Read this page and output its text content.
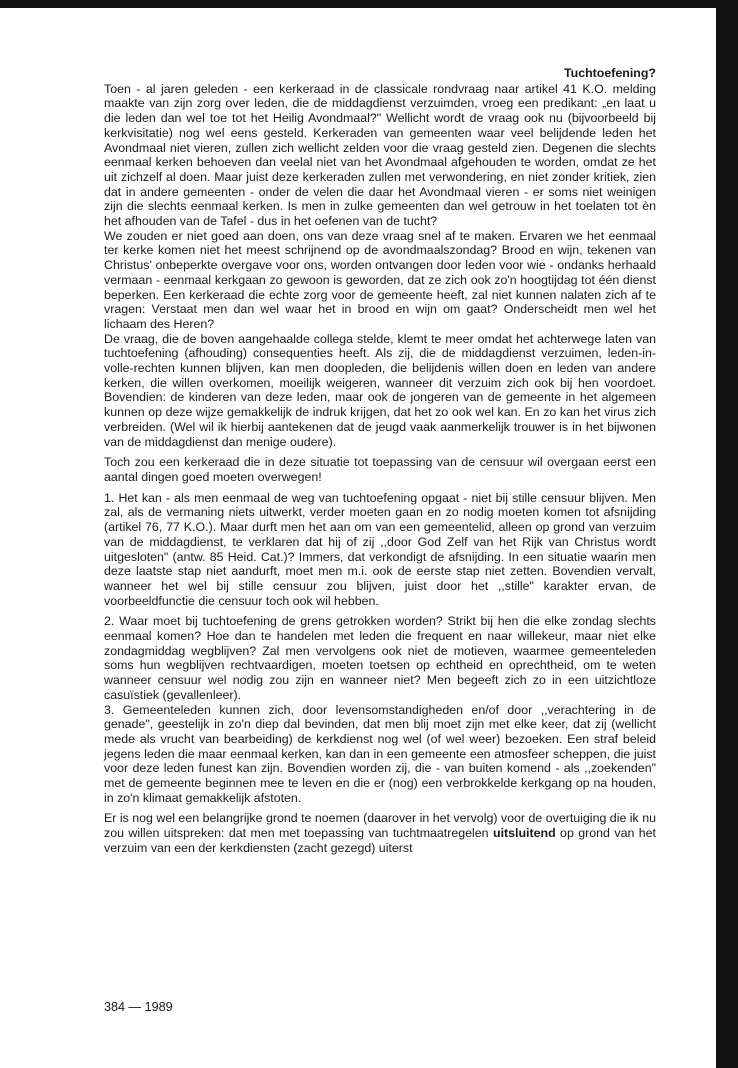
Tuchtoefening?

Toen - al jaren geleden - een kerkeraad in de classicale rondvraag naar artikel 41 K.O. melding maakte van zijn zorg over leden, die de middagdienst verzuimden, vroeg een predikant: „en laat u die leden dan wel toe tot het Heilig Avondmaal?" Wellicht wordt de vraag ook nu (bijvoorbeeld bij kerkvisitatie) nog wel eens gesteld. Kerkeraden van gemeenten waar veel belijdende leden het Avondmaal niet vieren, zullen zich wellicht zelden voor die vraag gesteld zien. Degenen die slechts eenmaal kerken behoeven dan veelal niet van het Avondmaal afgehouden te worden, omdat ze het uit zichzelf al doen. Maar juist deze kerkeraden zullen met verwondering, en niet zonder kritiek, zien dat in andere gemeenten - onder de velen die daar het Avondmaal vieren - er soms niet weinigen zijn die slechts eenmaal kerken. Is men in zulke gemeenten dan wel getrouw in het toelaten tot èn het afhouden van de Tafel - dus in het oefenen van de tucht?

We zouden er niet goed aan doen, ons van deze vraag snel af te maken. Ervaren we het eenmaal ter kerke komen niet het meest schrijnend op de avondmaalszondag? Brood en wijn, tekenen van Christus' onbeperkte overgave voor ons, worden ontvangen door leden voor wie - ondanks herhaald vermaan - eenmaal kerkgaan zo gewoon is geworden, dat ze zich ook zo'n hoogtijdag tot één dienst beperken. Een kerkeraad die echte zorg voor de gemeente heeft, zal niet kunnen nalaten zich af te vragen: Verstaat men dan wel waar het in brood en wijn om gaat? Onderscheidt men wel het lichaam des Heren?

De vraag, die de boven aangehaalde collega stelde, klemt te meer omdat het achterwege laten van tuchtoefening (afhouding) consequenties heeft. Als zij, die de middagdienst verzuimen, leden-in-volle-rechten kunnen blijven, kan men doopleden, die belijdenis willen doen en leden van andere kerken, die willen overkomen, moeilijk weigeren, wanneer dit verzuim zich ook bij hen voordoet. Bovendien: de kinderen van deze leden, maar ook de jongeren van de gemeente in het algemeen kunnen op deze wijze gemakkelijk de indruk krijgen, dat het zo ook wel kan. En zo kan het virus zich verbreiden. (Wel wil ik hierbij aantekenen dat de jeugd vaak aanmerkelijk trouwer is in het bijwonen van de middagdienst dan menige oudere).

Toch zou een kerkeraad die in deze situatie tot toepassing van de censuur wil overgaan eerst een aantal dingen goed moeten overwegen!

1. Het kan - als men eenmaal de weg van tuchtoefening opgaat - niet bij stille censuur blijven. Men zal, als de vermaning niets uitwerkt, verder moeten gaan en zo nodig moeten komen tot afsnijding (artikel 76, 77 K.O.). Maar durft men het aan om van een gemeentelid, alleen op grond van verzuim van de middagdienst, te verklaren dat hij of zij ,,door God Zelf van het Rijk van Christus wordt uitgesloten" (antw. 85 Heid. Cat.)? Immers, dat verkondigt de afsnijding. In een situatie waarin men deze laatste stap niet aandurft, moet men m.i. ook de eerste stap niet zetten. Bovendien vervalt, wanneer het wel bij stille censuur zou blijven, juist door het ,,stille" karakter ervan, de voorbeeldfunctie die censuur toch ook wil hebben.

2. Waar moet bij tuchtoefening de grens getrokken worden? Strikt bij hen die elke zondag slechts eenmaal komen? Hoe dan te handelen met leden die frequent en naar willekeur, maar niet elke zondagmiddag wegblijven? Zal men vervolgens ook niet de motieven, waarmee gemeenteleden soms hun wegblijven rechtvaardigen, moeten toetsen op echtheid en oprechtheid, om te weten wanneer censuur wel nodig zou zijn en wanneer niet? Men begeeft zich zo in een uitzichtloze casuïstiek (gevallenleer).

3. Gemeenteleden kunnen zich, door levensomstandigheden en/of door ,,verachtering in de genade", geestelijk in zo'n diep dal bevinden, dat men blij moet zijn met elke keer, dat zij (wellicht mede als vrucht van bearbeiding) de kerkdienst nog wel (of wel weer) bezoeken. Een straf beleid jegens leden die maar eenmaal kerken, kan dan in een gemeente een atmosfeer scheppen, die juist voor deze leden funest kan zijn. Bovendien worden zij, die - van buiten komend - als ,,zoekenden" met de gemeente beginnen mee te leven en die er (nog) een verbrokkelde kerkgang op na houden, in zo'n klimaat gemakkelijk afstoten.

Er is nog wel een belangrijke grond te noemen (daarover in het vervolg) voor de overtuiging die ik nu zou willen uitspreken: dat men met toepassing van tuchtmaatregelen uitsluitend op grond van het verzuim van een der kerkdiensten (zacht gezegd) uiterst

384 — 1989
